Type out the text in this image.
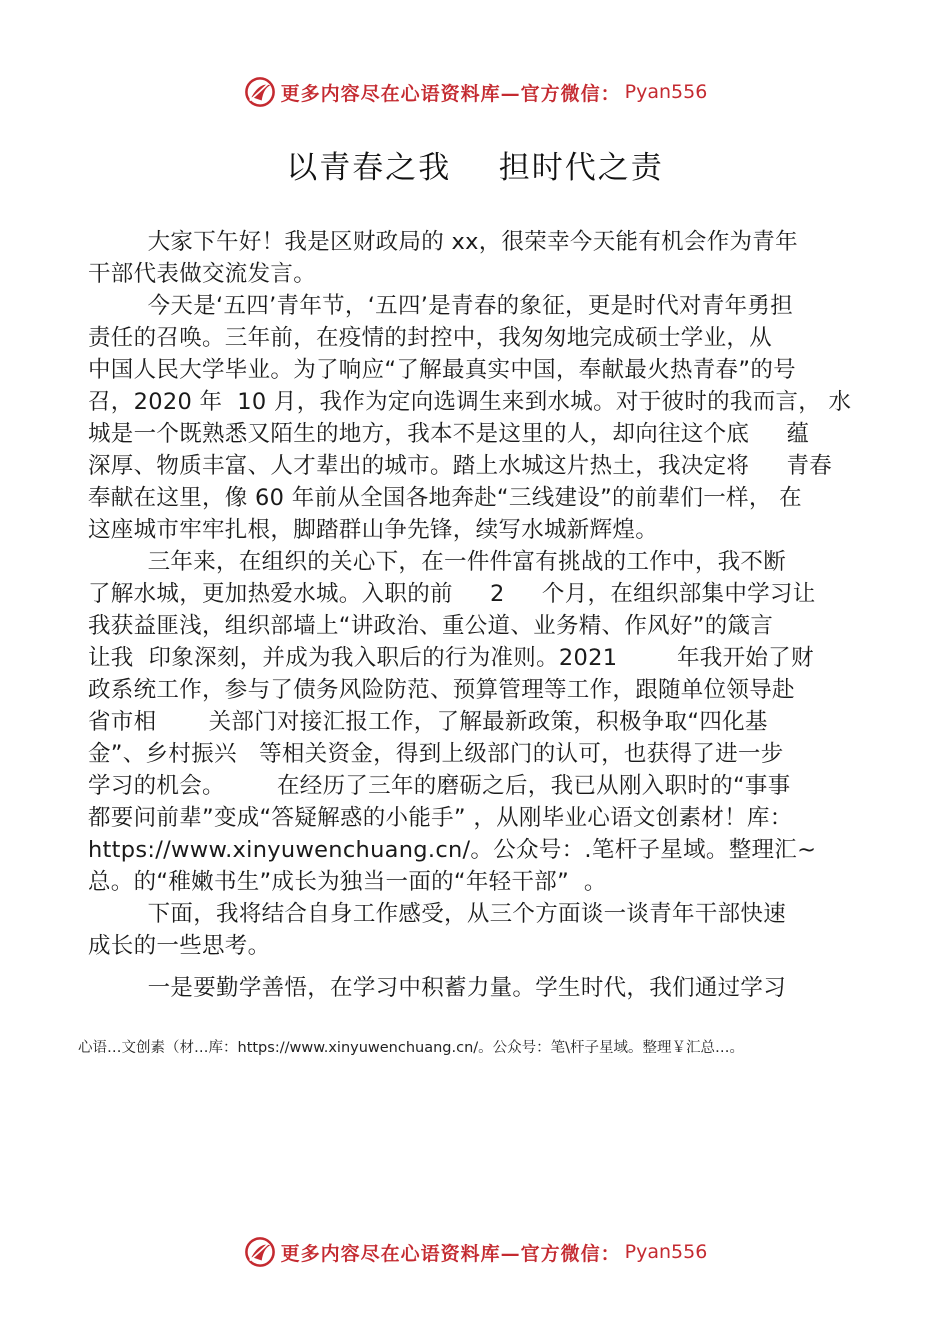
更多内容尽在心语资料库—官方微信： Pyan556
以青春之我    担时代之责
大家下午好！我是区财政局的 xx，很荣幸今天能有机会作为青年
干部代表做交流发言。
今天是‘五四’青年节，‘五四’是青春的象征，更是时代对青年勇担
责任的召唤。三年前，在疫情的封控中，我匆匆地完成硕士学业，从
中国人民大学毕业。为了响应“了解最真实中国，奉献最火热青春”的号
召，2020 年  10 月，我作为定向选调生来到水城。对于彼时的我而言， 水
城是一个既熟悉又陌生的地方，我本不是这里的人，却向往这个底     蕴
深厚、物质丰富、人才辈出的城市。踏上水城这片热土，我决定将     青春
奉献在这里，像 60 年前从全国各地奔赴“三线建设”的前辈们一样， 在
这座城市牢牢扎根，脚踏群山争先锋，续写水城新辉煌。
三年来，在组织的关心下，在一件件富有挑战的工作中，我不断
了解水城，更加热爱水城。入职的前     2     个月，在组织部集中学习让
我获益匪浅，组织部墙上“讲政治、重公道、业务精、作风好”的箴言
让我  印象深刻，并成为我入职后的行为准则。2021        年我开始了财
政系统工作，参与了债务风险防范、预算管理等工作，跟随单位领导赴
省市相       关部门对接汇报工作，了解最新政策，积极争取“四化基
金”、乡村振兴   等相关资金，得到上级部门的认可，也获得了进一步
学习的机会。       在经历了三年的磨砺之后，我已从刚入职时的“事事
都要问前辈”变成“答疑解惑的小能手” ，从刚毕业心语文创素材！库：
https://www.xinyuwenchuang.cn/。公众号：.笔杆子星域。整理汇~
总。的“稚嫩书生”成长为独当一面的“年轻干部”  。
下面，我将结合自身工作感受，从三个方面谈一谈青年干部快速
成长的一些思考。
一是要勤学善悟，在学习中积蓄力量。学生时代，我们通过学习
心语…文创素（材…库：https://www.xinyuwenchuang.cn/。公众号：笔\杆子星域。整理￥汇总…。
更多内容尽在心语资料库—官方微信： Pyan556
